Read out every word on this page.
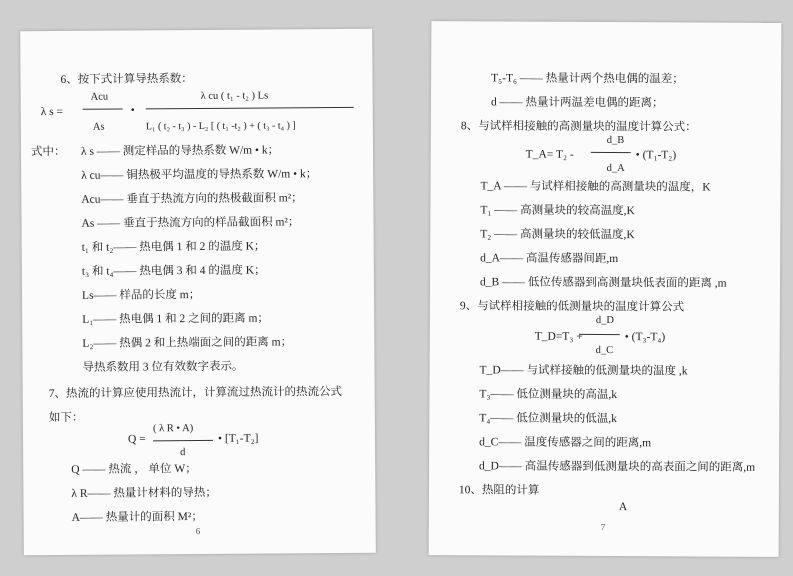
6、按下式计算导热系数：
λ s =
Acu
As
•
λ cu ( t₁ - t₂ ) Ls
L₁ ( t₂ - t₃ ) - L₂ [ ( t₁ -t₂ ) + ( t₃ - t₄ ) ]
式中： λ s —— 测定样品的导热系数 W/m • k；
λ cu—— 铜热极平均温度的导热系数 W/m • k；
Acu—— 垂直于热流方向的热极截面积 m²；
As —— 垂直于热流方向的样品截面积 m²；
t₁ 和 t₂—— 热电偶 1 和 2 的温度 K；
t₃ 和 t₄—— 热电偶 3 和 4 的温度 K；
Ls—— 样品的长度 m；
L₁—— 热电偶 1 和 2 之间的距离 m；
L₂—— 热偶 2 和上热端面之间的距离 m；
导热系数用 3 位有效数字表示。
7、热流的计算应使用热流计，计算流过热流计的热流公式
如下：
( λ R • A)
Q =
d
• [T₁-T₂]
Q —— 热流 ， 单位 W；
λ R—— 热量计材料的导热；
A—— 热量计的面积 M²；
6
T₅-T₆ —— 热量计两个热电偶的温差；
d —— 热量计两温差电偶的距离；
8、与试样相接触的高测量块的温度计算公式：
T_A= T₂ -
d_B
d_A
• (T₁-T₂)
T_A —— 与试样相接触的高测量块的温度，K
T₁ —— 高测量块的较高温度,K
T₂ —— 高测量块的较低温度,K
d_A—— 高温传感器间距,m
d_B —— 低位传感器到高测量块低表面的距离 ,m
9、与试样相接触的低测量块的温度计算公式
T_D=T₃ +
d_D
d_C
• (T₃-T₄)
T_D—— 与试样接触的低测量块的温度 ,k
T₃—— 低位测量块的高温,k
T₄—— 低位测量块的低温,k
d_C—— 温度传感器之间的距离,m
d_D—— 高温传感器到低测量块的高表面之间的距离,m
10、热阻的计算
A
7
